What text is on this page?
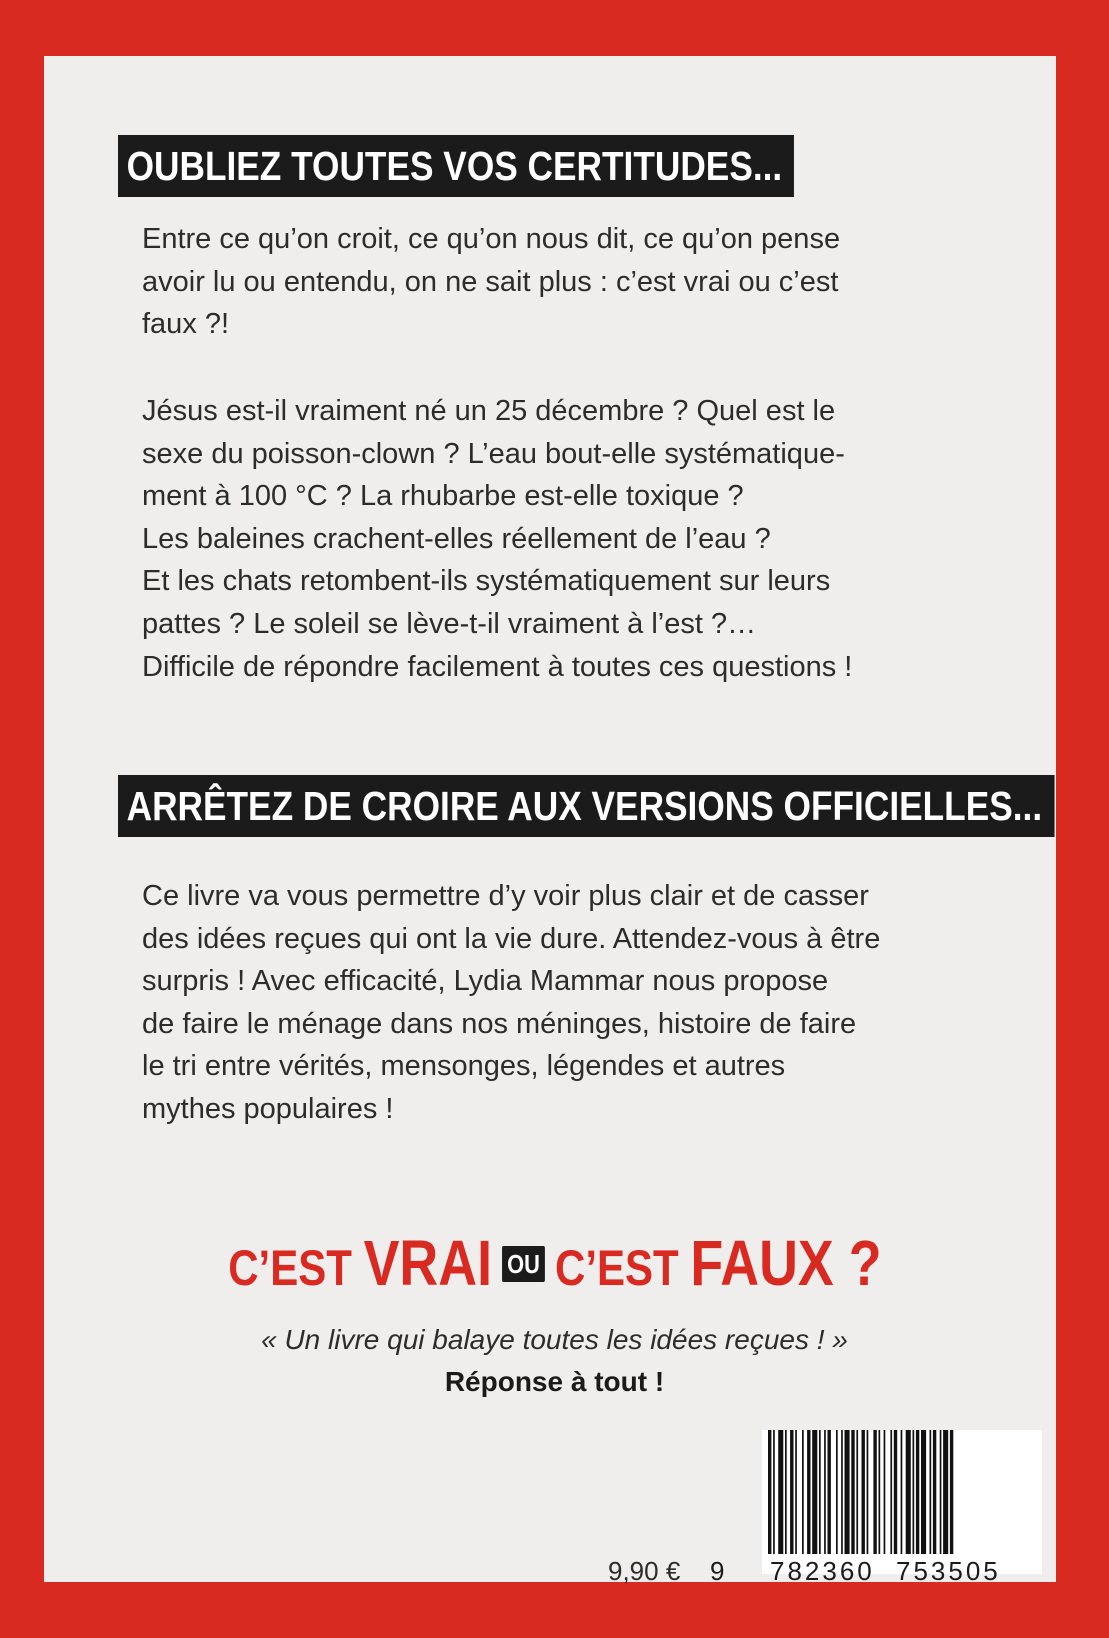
OUBLIEZ TOUTES VOS CERTITUDES...

Entre ce qu’on croit, ce qu’on nous dit, ce qu’on pense
avoir lu ou entendu, on ne sait plus : c’est vrai ou c’est
faux ?!

Jésus est-il vraiment né un 25 décembre ? Quel est le
sexe du poisson-clown ? L’eau bout-elle systématique-
ment à 100 °C ? La rhubarbe est-elle toxique ?
Les baleines crachent-elles réellement de l’eau ?
Et les chats retombent-ils systématiquement sur leurs
pattes ? Le soleil se lève-t-il vraiment à l’est ?…
Difficile de répondre facilement à toutes ces questions !

ARRÊTEZ DE CROIRE AUX VERSIONS OFFICIELLES...

Ce livre va vous permettre d’y voir plus clair et de casser
des idées reçues qui ont la vie dure. Attendez-vous à être
surpris ! Avec efficacité, Lydia Mammar nous propose
de faire le ménage dans nos méninges, histoire de faire
le tri entre vérités, mensonges, légendes et autres
mythes populaires !

C’EST VRAI OU C’EST FAUX ?
« Un livre qui balaye toutes les idées reçues ! »
Réponse à tout !
9,90 € 9 782360 753505
